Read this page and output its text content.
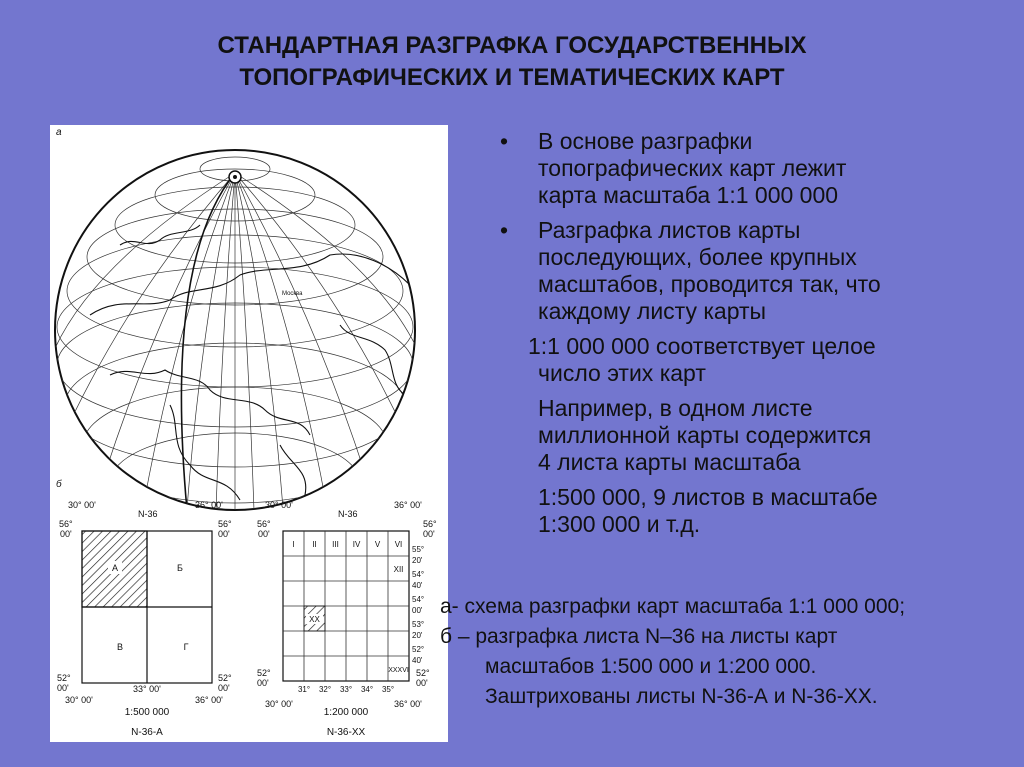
СТАНДАРТНАЯ РАЗГРАФКА ГОСУДАРСТВЕННЫХ
ТОПОГРАФИЧЕСКИХ И ТЕМАТИЧЕСКИХ КАРТ
а
Москва
б
30° 00'	36° 00'
N-36
56°
00'
56°
00'
А	Б
В	Г
52°
00'
52°
00'
30° 00'
33° 00'
36° 00'
1:500 000
N-36-A
30° 00'	36° 00'
N-36
56°
00'
56°
00'
XX
I II III IV V VI
XII
XXXVI
55°
20'
54°
40'
54°
00'
53°
20'
52°
40'
52°
00'
52°
00'
31° 32° 33° 34° 35°
30° 00'	36° 00'
1:200 000
N-36-XX
•	В основе разграфки
топографических карт лежит
карта масштаба 1:1 000 000
•	Разграфка листов карты
последующих, более крупных
масштабов, проводится так, что
каждому листу карты
1:1 000 000 соответствует целое
число этих карт
Например, в одном листе
миллионной карты содержится
4 листа карты масштаба
1:500 000, 9 листов в масштабе
1:300 000 и т.д.
а- схема разграфки карт масштаба 1:1 000 000;
б – разграфка листа N–36 на листы карт
масштабов 1:500 000 и 1:200 000.
Заштрихованы листы N-36-А и N-36-ХХ.
